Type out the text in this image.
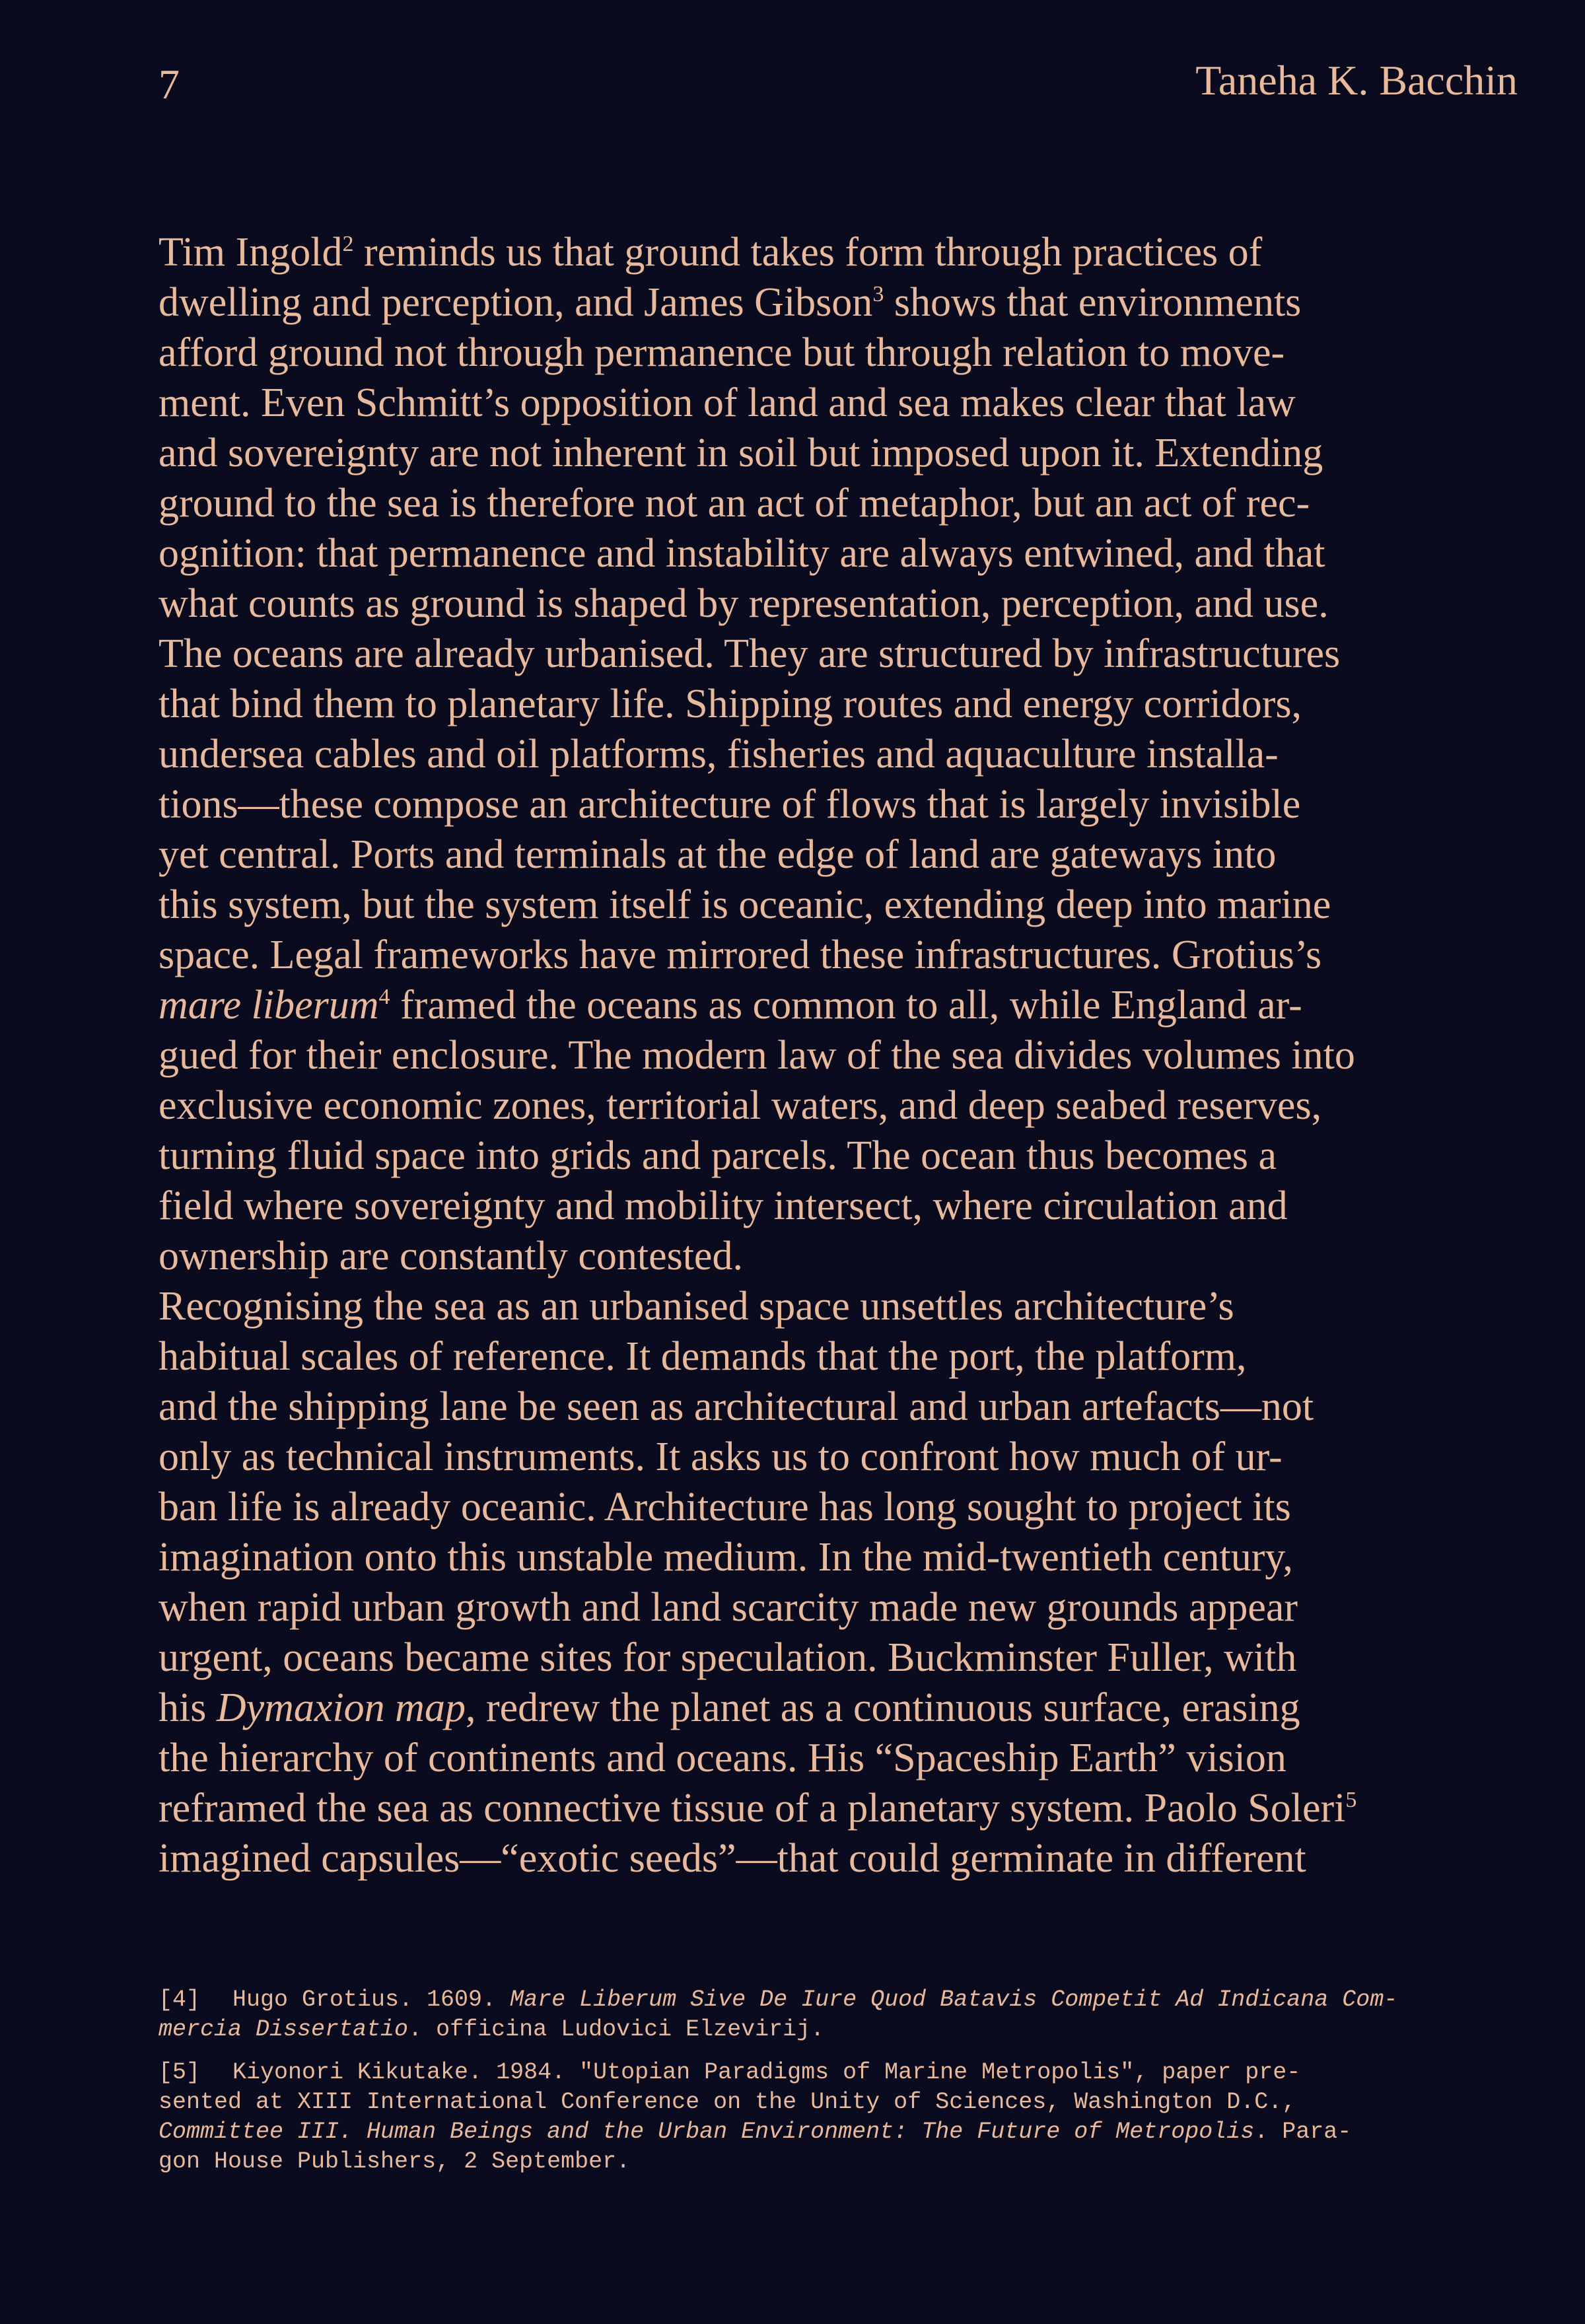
7	Taneha K. Bacchin
Tim Ingold$^2$ reminds us that ground takes form through practices of
dwelling and perception, and James Gibson$^3$ shows that environments
afford ground not through permanence but through relation to move-
ment. Even Schmitt’s opposition of land and sea makes clear that law
and sovereignty are not inherent in soil but imposed upon it. Extending
ground to the sea is therefore not an act of metaphor, but an act of rec-
ognition: that permanence and instability are always entwined, and that
what counts as ground is shaped by representation, perception, and use.
The oceans are already urbanised. They are structured by infrastructures
that bind them to planetary life. Shipping routes and energy corridors,
undersea cables and oil platforms, fisheries and aquaculture installa-
tions—these compose an architecture of flows that is largely invisible
yet central. Ports and terminals at the edge of land are gateways into
this system, but the system itself is oceanic, extending deep into marine
space. Legal frameworks have mirrored these infrastructures. Grotius’s
mare liberum$^4$ framed the oceans as common to all, while England ar-
gued for their enclosure. The modern law of the sea divides volumes into
exclusive economic zones, territorial waters, and deep seabed reserves,
turning fluid space into grids and parcels. The ocean thus becomes a
field where sovereignty and mobility intersect, where circulation and
ownership are constantly contested.
Recognising the sea as an urbanised space unsettles architecture’s
habitual scales of reference. It demands that the port, the platform,
and the shipping lane be seen as architectural and urban artefacts—not
only as technical instruments. It asks us to confront how much of ur-
ban life is already oceanic. Architecture has long sought to project its
imagination onto this unstable medium. In the mid-twentieth century,
when rapid urban growth and land scarcity made new grounds appear
urgent, oceans became sites for speculation. Buckminster Fuller, with
his Dymaxion map, redrew the planet as a continuous surface, erasing
the hierarchy of continents and oceans. His “Spaceship Earth” vision
reframed the sea as connective tissue of a planetary system. Paolo Soleri$^5$
imagined capsules—“exotic seeds”—that could germinate in different
[4] Hugo Grotius. 1609. Mare Liberum Sive De Iure Quod Batavis Competit Ad Indicana Com-
mercia Dissertatio. officina Ludovici Elzevirij.
[5] Kiyonori Kikutake. 1984. "Utopian Paradigms of Marine Metropolis", paper pre-
sented at XIII International Conference on the Unity of Sciences, Washington D.C.,
Committee III. Human Beings and the Urban Environment: The Future of Metropolis. Para-
gon House Publishers, 2 September.
